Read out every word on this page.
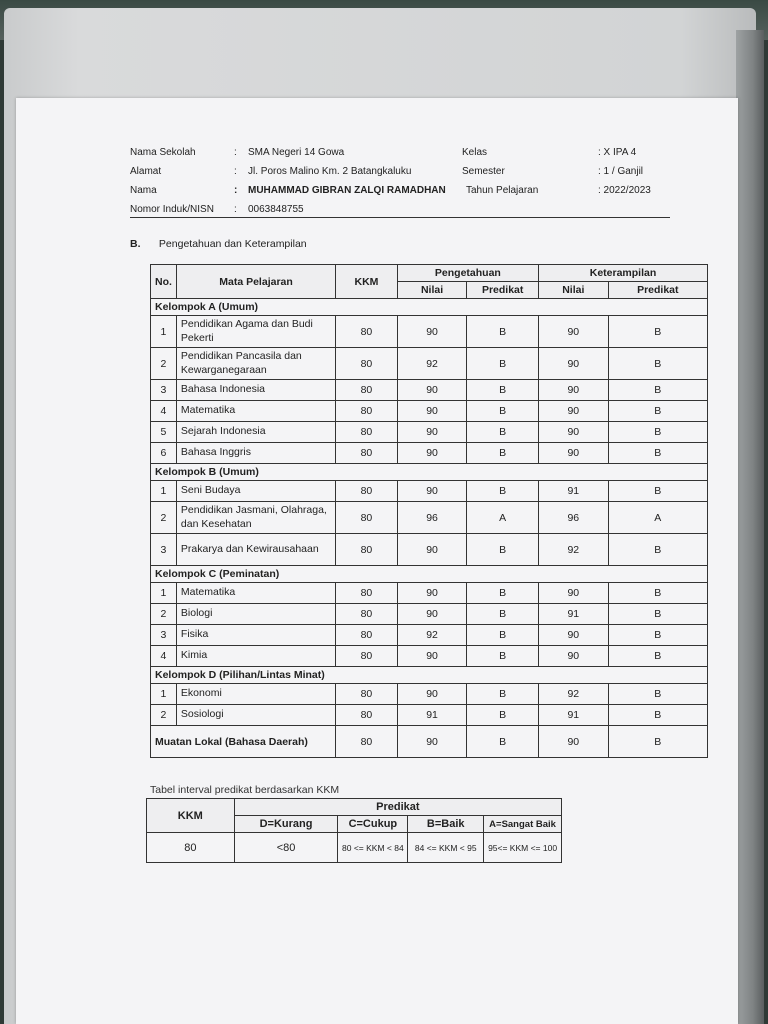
Nama Sekolah	: SMA Negeri 14 Gowa	Kelas	: X IPA 4
Alamat	: Jl. Poros Malino Km. 2 Batangkaluku	Semester	: 1 / Ganjil
Nama	: MUHAMMAD GIBRAN ZALQI RAMADHAN Tahun Pelajaran	: 2022/2023
Nomor Induk/NISN : 0063848755
B. Pengetahuan dan Keterampilan
No.	Mata Pelajaran	KKM	Pengetahuan		Keterampilan	
			Nilai	Predikat	Nilai	Predikat
Kelompok A (Umum)						
1	Pendidikan Agama dan Budi Pekerti	80	90	B	90	B
2	Pendidikan Pancasila dan Kewarganegaraan	80	92	B	90	B
3	Bahasa Indonesia	80	90	B	90	B
4	Matematika	80	90	B	90	B
5	Sejarah Indonesia	80	90	B	90	B
6	Bahasa Inggris	80	90	B	90	B
Kelompok B (Umum)						
1	Seni Budaya	80	90	B	91	B
2	Pendidikan Jasmani, Olahraga, dan Kesehatan	80	96	A	96	A
3	Prakarya dan Kewirausahaan	80	90	B	92	B
Kelompok C (Peminatan)						
1	Matematika	80	90	B	90	B
2	Biologi	80	90	B	91	B
3	Fisika	80	92	B	90	B
4	Kimia	80	90	B	90	B
Kelompok D (Pilihan/Lintas Minat)						
1	Ekonomi	80	90	B	92	B
2	Sosiologi	80	91	B	91	B
Muatan Lokal (Bahasa Daerah)		80	90	B	90	B
Tabel interval predikat berdasarkan KKM
KKM	Predikat			
	D=Kurang	C=Cukup	B=Baik	A=Sangat Baik
80	<80	80 <= KKM < 84	84 <= KKM < 95	95<= KKM <= 100
